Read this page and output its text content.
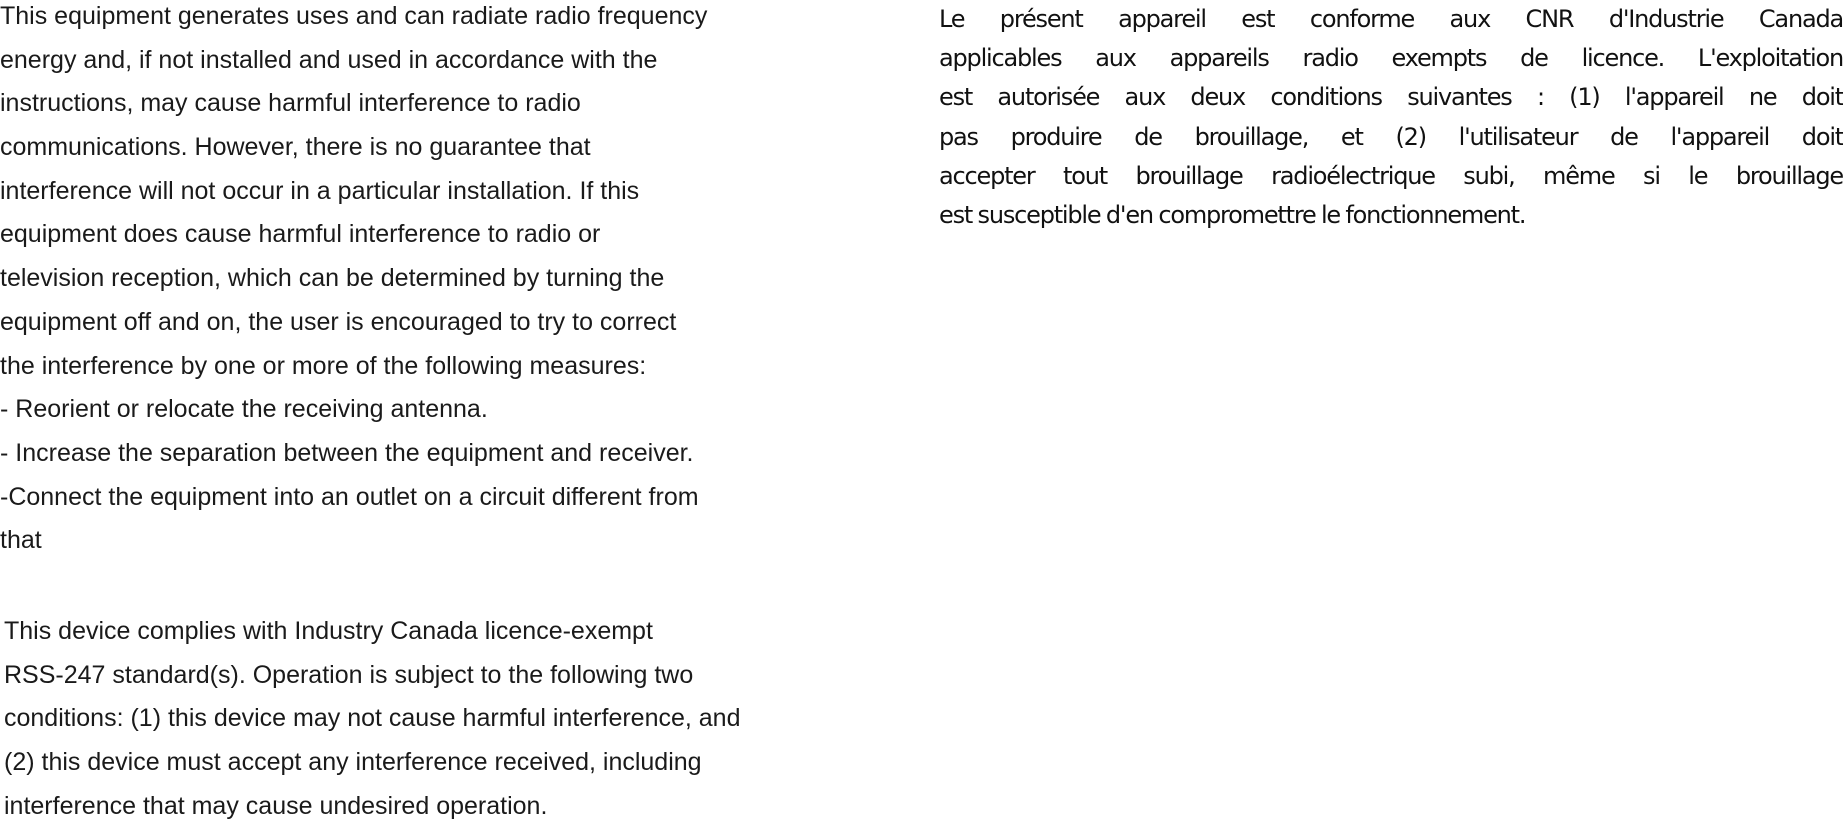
This equipment generates uses and can radiate radio frequency
energy and, if not installed and used in accordance with the
instructions, may cause harmful interference to radio
communications. However, there is no guarantee that
interference will not occur in a particular installation. If this
equipment does cause harmful interference to radio or
television reception, which can be determined by turning the
equipment off and on, the user is encouraged to try to correct
the interference by one or more of the following measures:
- Reorient or relocate the receiving antenna.
- Increase the separation between the equipment and receiver.
-Connect the equipment into an outlet on a circuit different from
that
This device complies with Industry Canada licence-exempt
RSS-247 standard(s). Operation is subject to the following two
conditions: (1) this device may not cause harmful interference, and
(2) this device must accept any interference received, including
interference that may cause undesired operation.
Le présent appareil est conforme aux CNR d'Industrie Canada
applicables aux appareils radio exempts de licence. L'exploitation
est autorisée aux deux conditions suivantes : (1) l'appareil ne doit
pas produire de brouillage, et (2) l'utilisateur de l'appareil doit
accepter tout brouillage radioélectrique subi, même si le brouillage
est susceptible d'en compromettre le fonctionnement.
